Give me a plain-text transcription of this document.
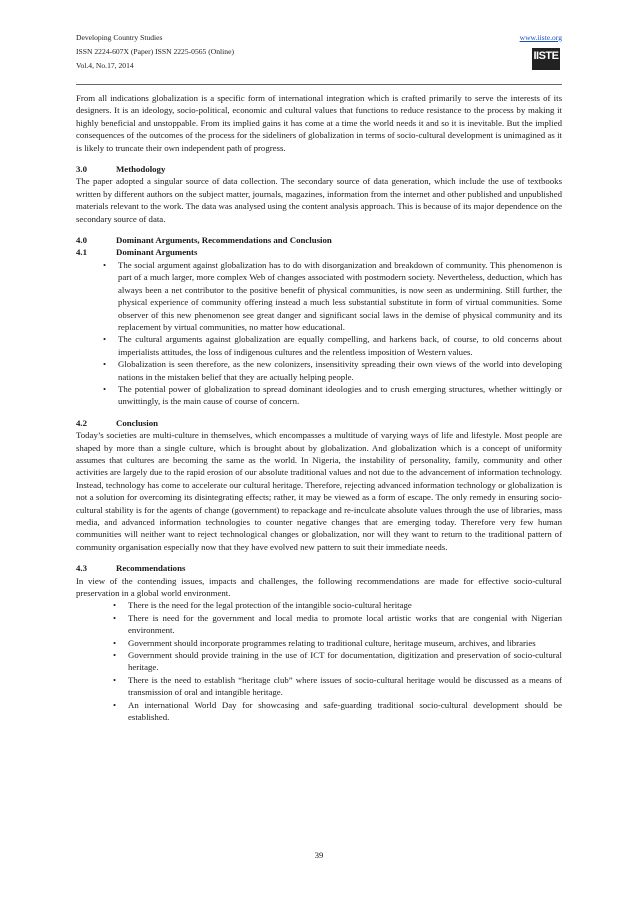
Developing Country Studies
ISSN 2224-607X (Paper) ISSN 2225-0565 (Online)
Vol.4, No.17, 2014
www.iiste.org
IISTE

From all indications globalization is a specific form of international integration which is crafted primarily to serve the interests of its designers. It is an ideology, socio-political, economic and cultural values that functions to reduce resistance to the process by making it highly beneficial and unstoppable. From its implied gains it has come at a time the world needs it and so it is inevitable. But the implied consequences of the outcomes of the process for the sideliners of globalization in terms of socio-cultural development is unimagined as it is likely to truncate their own independent path of progress.

3.0	Methodology

The paper adopted a singular source of data collection. The secondary source of data generation, which include the use of textbooks written by different authors on the subject matter, journals, magazines, information from the internet and other published and unpublished materials relevant to the work. The data was analysed using the content analysis approach. This is because of its major dependence on the secondary source of data.

4.0	Dominant Arguments, Recommendations and Conclusion
4.1	Dominant Arguments
• The social argument against globalization has to do with disorganization and breakdown of community. This phenomenon is part of a much larger, more complex Web of changes associated with postmodern society. Nevertheless, deduction, which has always been a net contributor to the positive benefit of physical communities, is now seen as undermining. Still further, the physical experience of community offering instead a much less substantial substitute in form of virtual communities. Some observer of this new phenomenon see great danger and significant social laws in the demise of physical community and its replacement by virtual communities, no matter how educational.
• The cultural arguments against globalization are equally compelling, and harkens back, of course, to old concerns about imperialists attitudes, the loss of indigenous cultures and the relentless imposition of Western values.
• Globalization is seen therefore, as the new colonizers, insensitivity spreading their own views of the world into developing nations in the mistaken belief that they are actually helping people.
• The potential power of globalization to spread dominant ideologies and to crush emerging structures, whether wittingly or unwittingly, is the main cause of course of concern.
4.2	Conclusion

Today’s societies are multi-culture in themselves, which encompasses a multitude of varying ways of life and lifestyle. Most people are shaped by more than a single culture, which is brought about by globalization. And globalization which is a concept of uniformity assumes that cultures are becoming the same as the world. In Nigeria, the instability of personality, family, community and other activities are largely due to the rapid erosion of our absolute traditional values and not due to the advancement of information technology. Instead, technology has come to accelerate our cultural heritage. Therefore, rejecting advanced information technology or globalization is not a solution for overcoming its disintegrating effects; rather, it may be viewed as a form of escape. The only remedy in ensuring socio-cultural stability is for the agents of change (government) to repackage and re-inculcate absolute values through the use of libraries, mass media, and advanced information technologies to counter negative changes that are emerging today. Therefore very few human communities will neither want to reject technological changes or globalization, nor will they want to return to the traditional pattern of community organisation especially now that they have evolved new pattern to suit their immediate needs.

4.3	Recommendations

In view of the contending issues, impacts and challenges, the following recommendations are made for effective socio-cultural preservation in a global world environment.

• There is the need for the legal protection of the intangible socio-cultural heritage
• There is need for the government and local media to promote local artistic works that are congenial with Nigerian environment.
• Government should incorporate programmes relating to traditional culture, heritage museum, archives, and libraries
• Government should provide training in the use of ICT for documentation, digitization and preservation of socio-cultural heritage.
• There is the need to establish “heritage club” where issues of socio-cultural heritage would be discussed as a means of transmission of oral and intangible heritage.
• An international World Day for showcasing and safe-guarding traditional socio-cultural development should be established.
39
